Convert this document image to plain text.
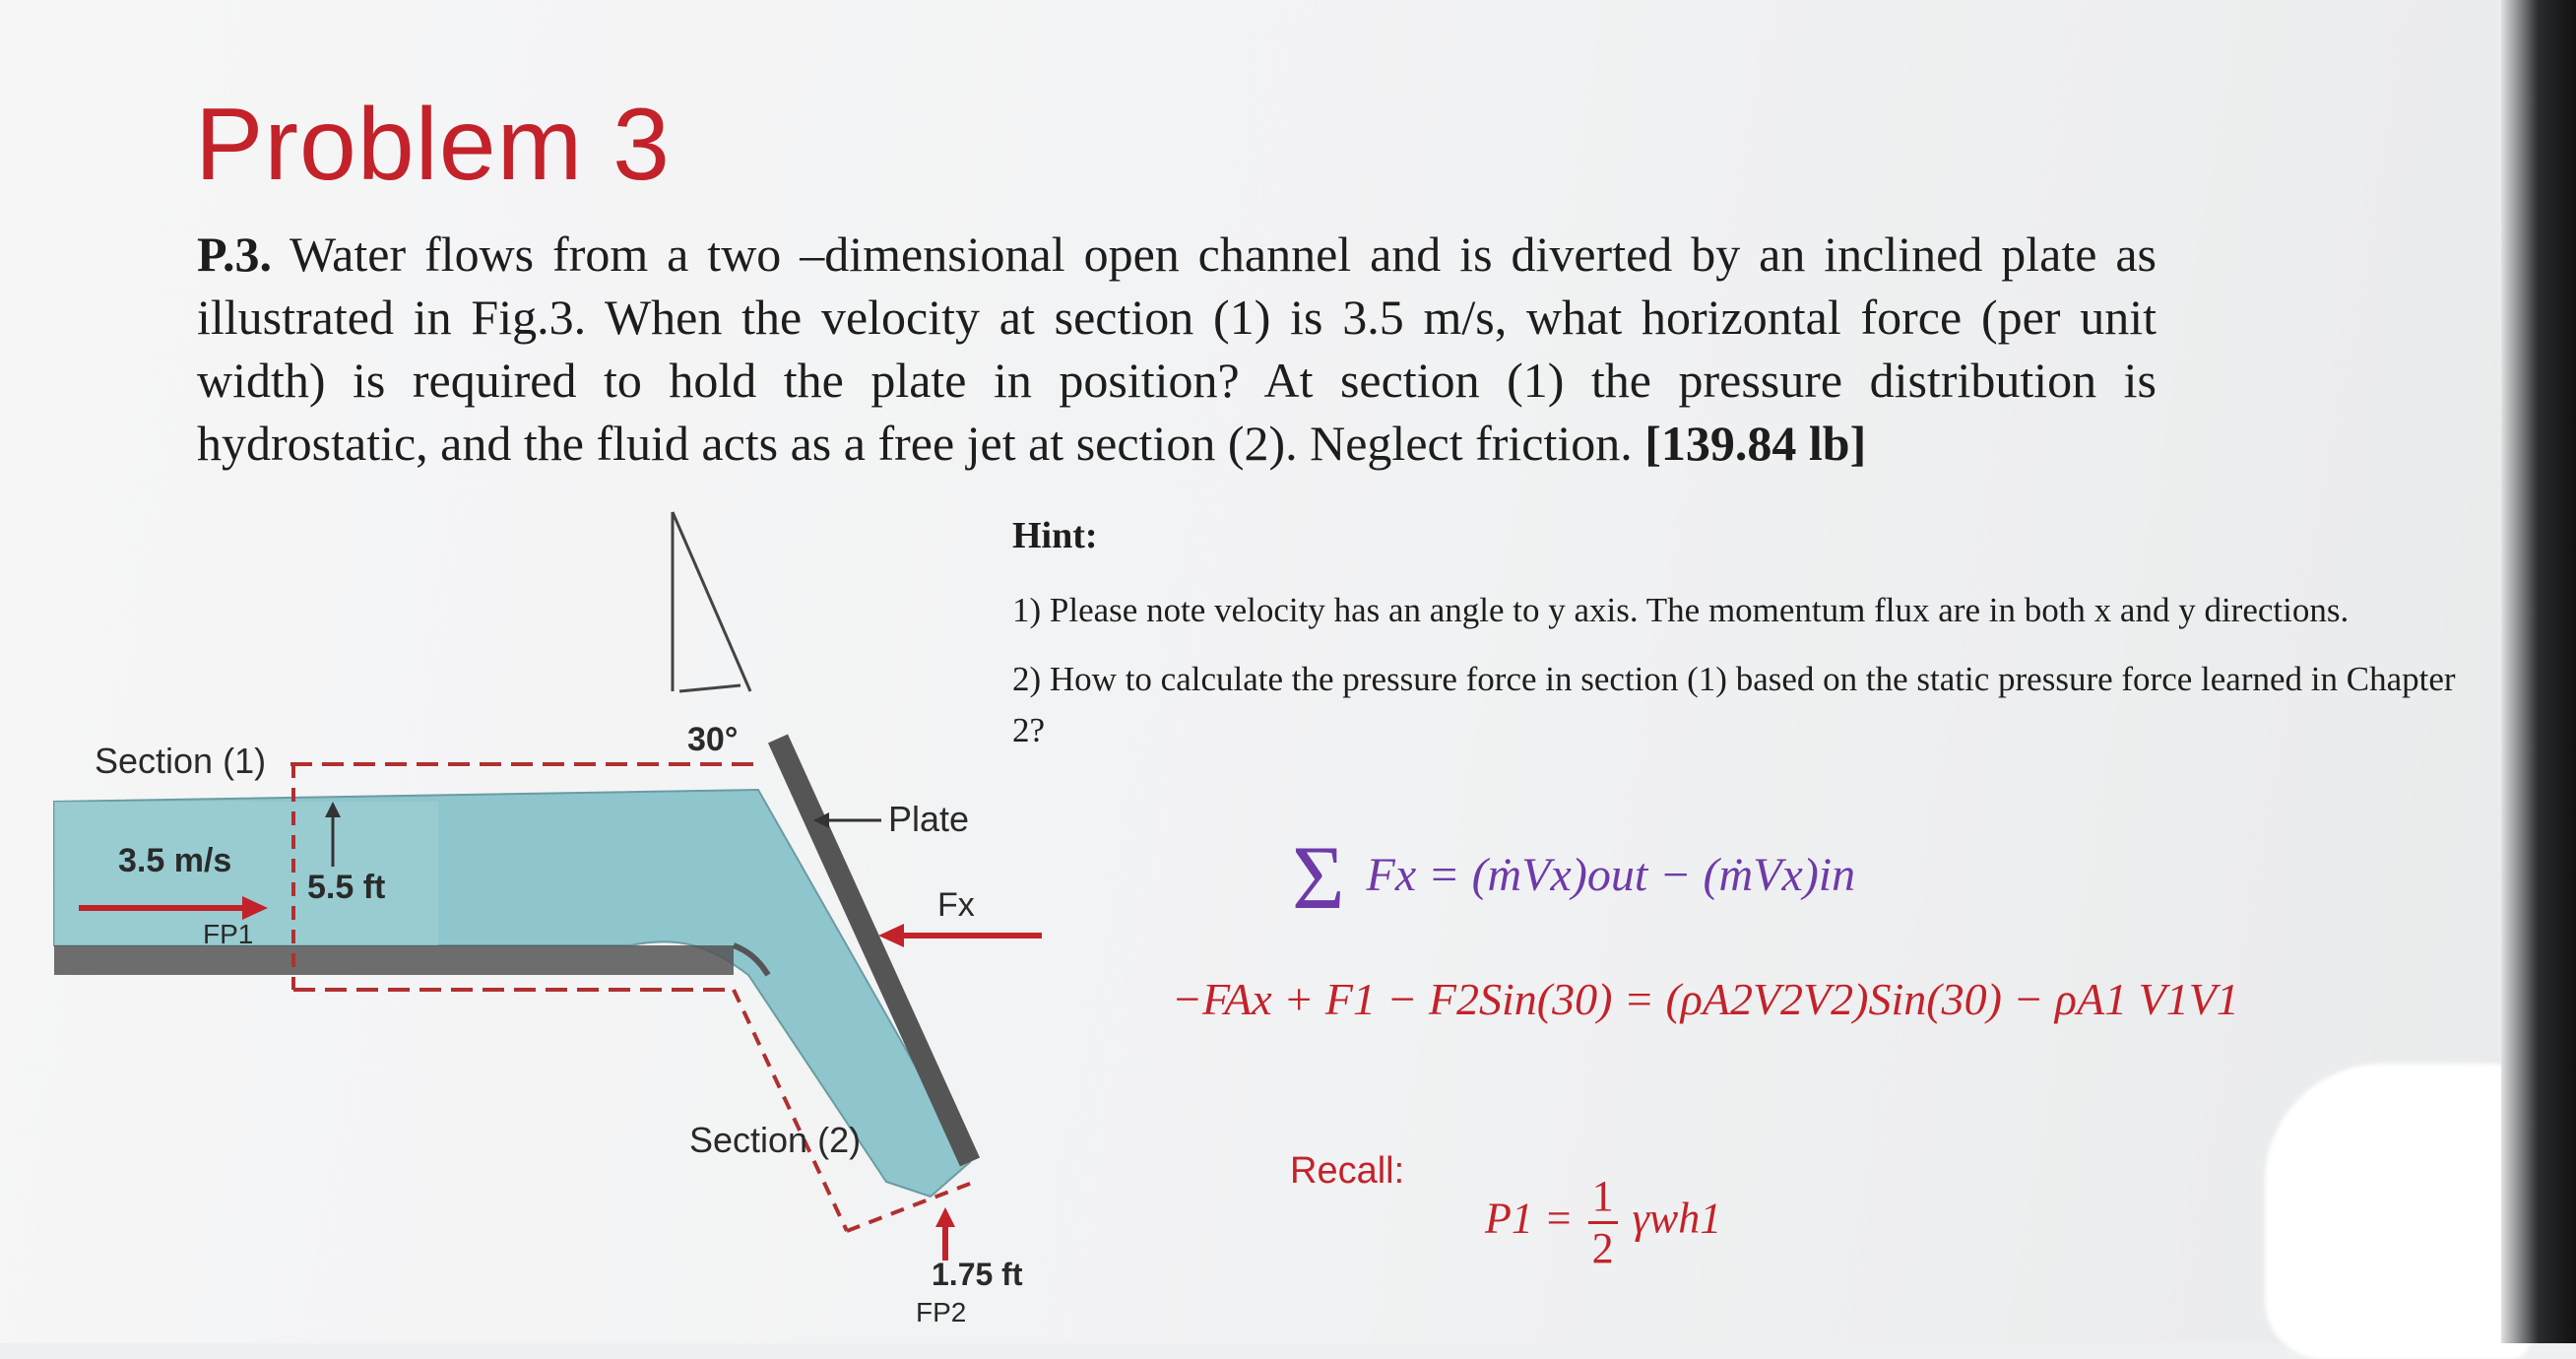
Problem 3
P.3. Water flows from a two –dimensional open channel and is diverted by an inclined plate as illustrated in Fig.3. When the velocity at section (1) is 3.5 m/s, what horizontal force (per unit width) is required to hold the plate in position? At section (1) the pressure distribution is hydrostatic, and the fluid acts as a free jet at section (2). Neglect friction. [139.84 lb]
30°
5.5 ft
3.5 m/s
FP1
Section (1)
Plate
Fx
Section (2)
1.75 ft
FP2
Hint:
1) Please note velocity has an angle to y axis. The momentum flux are in both x and y directions.
2) How to calculate the pressure force in section (1) based on the static pressure force learned in Chapter 2?
Σ Fx = (ṁVx)out − (ṁVx)in
−FAx + F1 − F2Sin(30) = (ρA2V2V2)Sin(30) − ρA1 V1V1
Recall:
$P1 = \frac{1}{2} \gamma wh1$
